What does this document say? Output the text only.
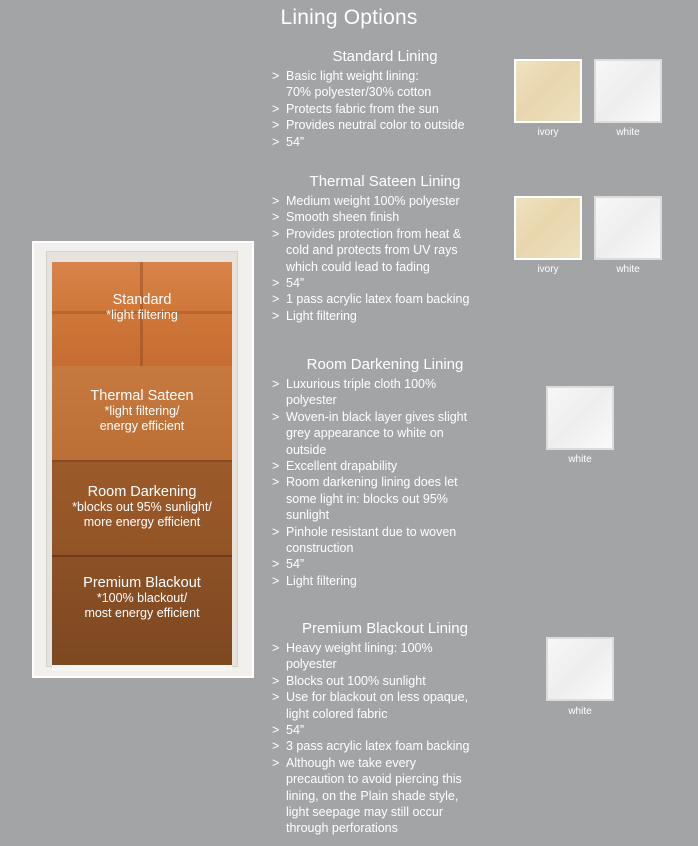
Lining Options
Standard
*light filtering
Thermal Sateen
*light filtering/
energy efficient
Room Darkening
*blocks out 95% sunlight/
more energy efficient
Premium Blackout
*100% blackout/
most energy efficient
Standard Lining
> Basic light weight lining:
70% polyester/30% cotton
> Protects fabric from the sun
> Provides neutral color to outside
> 54”
ivory	white
Thermal Sateen Lining
> Medium weight 100% polyester
> Smooth sheen finish
> Provides protection from heat &
cold and protects from UV rays
which could lead to fading
> 54”
> 1 pass acrylic latex foam backing
> Light filtering
ivory	white
Room Darkening Lining
> Luxurious triple cloth 100%
polyester
> Woven-in black layer gives slight
grey appearance to white on
outside
> Excellent drapability
> Room darkening lining does let
some light in: blocks out 95%
sunlight
> Pinhole resistant due to woven
construction
> 54”
> Light filtering
white
Premium Blackout Lining
> Heavy weight lining: 100%
polyester
> Blocks out 100% sunlight
> Use for blackout on less opaque,
light colored fabric
> 54”
> 3 pass acrylic latex foam backing
> Although we take every
precaution to avoid piercing this
lining, on the Plain shade style,
light seepage may still occur
through perforations
white
